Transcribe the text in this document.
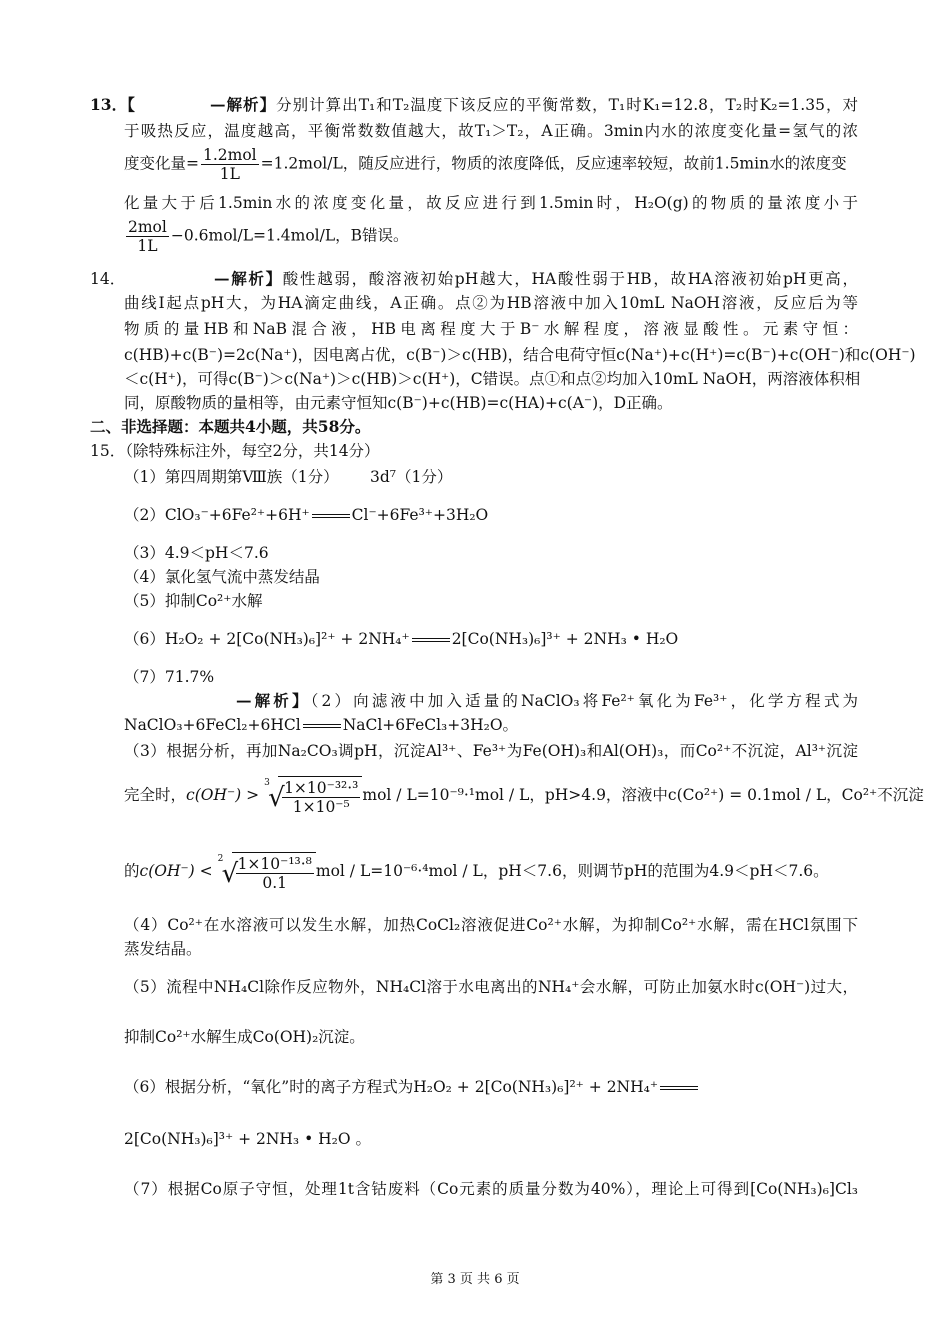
13．【	—解析】分别计算出T₁和T₂温度下该反应的平衡常数，T₁时K₁=12.8，T₂时K₂=1.35，对
于吸热反应，温度越高，平衡常数数值越大，故T₁＞T₂，A正确。3min内水的浓度变化量=氢气的浓
度变化量= $\frac{\text{1.2mol}}{1L} =1.2mol/L$，随反应进行，物质的浓度降低，反应速率较短，故前1.5min水的浓度变
化量大于后1.5min水的浓度变化量，故反应进行到1.5min时，H₂O(g)的物质的量浓度小于
$\frac{\text{2mol}}{1L} -0.6mol/L=1.4mol/L$，B错误。
14．	—解析】酸性越弱，酸溶液初始pH越大，HA酸性弱于HB，故HA溶液初始pH更高，
曲线Ⅰ起点pH大，为HA滴定曲线，A正确。点②为HB溶液中加入10mL NaOH溶液，反应后为等
物质的量HB和NaB混合液，HB电离程度大于B⁻水解程度，溶液显酸性。元素守恒：
c(HB)+c(B⁻)=2c(Na⁺)，因电离占优，c(B⁻)＞c(HB)，结合电荷守恒c(Na⁺)+c(H⁺)=c(B⁻)+c(OH⁻)和c(OH⁻)
＜c(H⁺)，可得c(B⁻)＞c(Na⁺)＞c(HB)＞c(H⁺)，C错误。点①和点②均加入10mL NaOH，两溶液体积相
同，原酸物质的量相等，由元素守恒知c(B⁻)+c(HB)=c(HA)+c(A⁻)，D正确。
二、非选择题：本题共4小题，共58分。
15．（除特殊标注外，每空2分，共14分）
（1）第四周期第Ⅷ族（1分） 3d⁷（1分）
（2）ClO₃⁻+6Fe²⁺+6H⁺	Cl⁻+6Fe³⁺+3H₂O
（3）4.9＜pH＜7.6
（4）氯化氢气流中蒸发结晶
（5）抑制Co²⁺水解
（6）H₂O₂ + 2[Co(NH₃)₆]²⁺ + 2NH₄⁺	2[Co(NH₃)₆]³⁺ + 2NH₃ • H₂O
（7）71.7%
—解析】（2）向滤液中加入适量的NaClO₃将Fe²⁺氧化为Fe³⁺，化学方程式为
NaClO₃+6FeCl₂+6HCl	NaCl+6FeCl₃+3H₂O。
（3）根据分析，再加Na₂CO₃调pH，沉淀Al³⁺、Fe³⁺为Fe(OH)₃和Al(OH)₃，而Co²⁺不沉淀，Al³⁺沉淀
完全时，c(OH⁻) >
3
√
$\frac{\text{1×10⁻³²·³}}{\text{1×10⁻⁵}}$ mol / L=10⁻⁹·¹mol / L，pH>4.9，溶液中c(Co²⁺) = 0.1mol / L，Co²⁺不沉淀
的c(OH⁻) <
2
√
$\frac{\text{1×10⁻¹³·⁸}}{0.1}$ mol / L=10⁻⁶·⁴mol / L，pH＜7.6，则调节pH的范围为4.9＜pH＜7.6。
（4）Co²⁺在水溶液可以发生水解，加热CoCl₂溶液促进Co²⁺水解，为抑制Co²⁺水解，需在HCl氛围下
蒸发结晶。
（5）流程中NH₄Cl除作反应物外，NH₄Cl溶于水电离出的NH₄⁺会水解，可防止加氨水时c(OH⁻)过大，
抑制Co²⁺水解生成Co(OH)₂沉淀。
（6）根据分析，“氧化”时的离子方程式为H₂O₂ + 2[Co(NH₃)₆]²⁺ + 2NH₄⁺
2[Co(NH₃)₆]³⁺ + 2NH₃ • H₂O 。
（7）根据Co原子守恒，处理1t含钴废料（Co元素的质量分数为40%），理论上可得到[Co(NH₃)₆]Cl₃
第 3 页 共 6 页
